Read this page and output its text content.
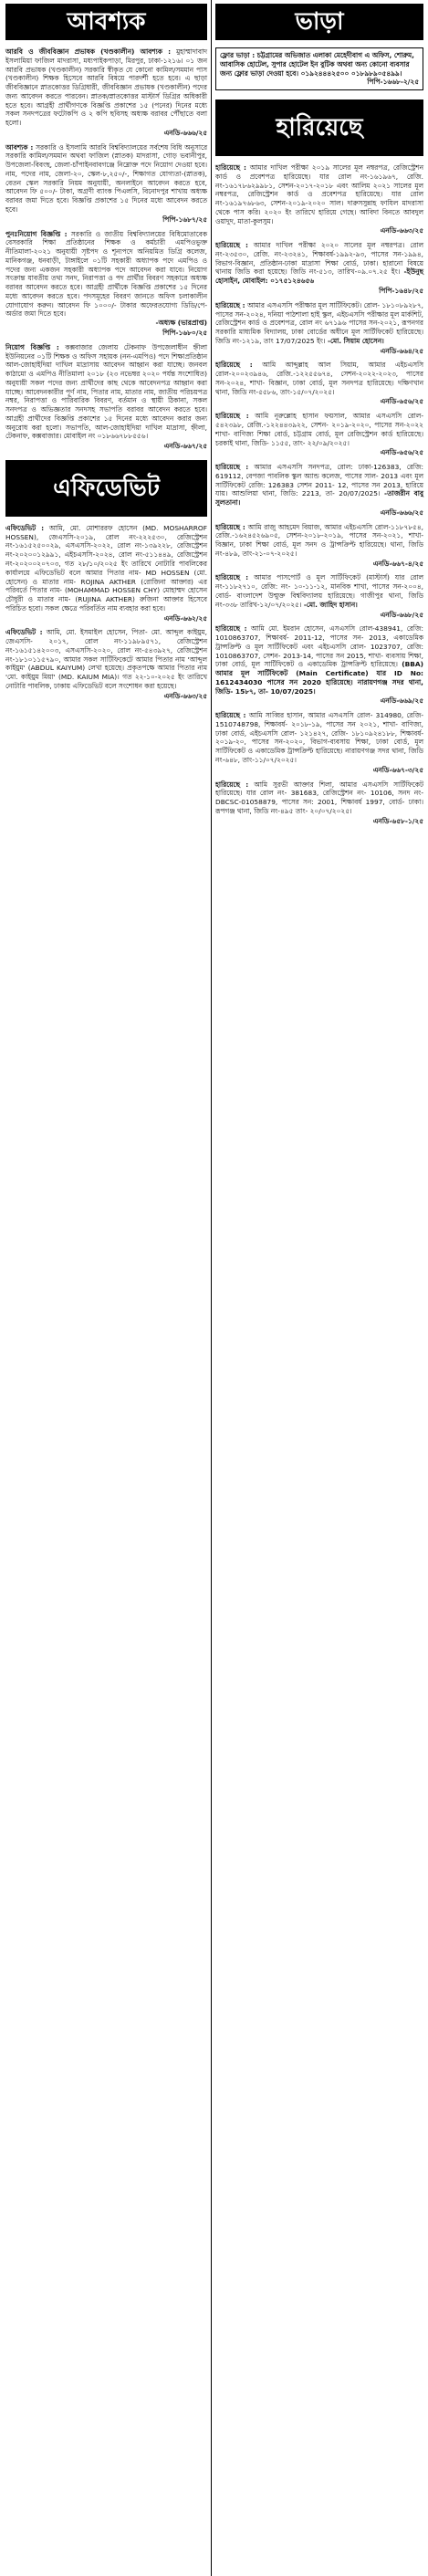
আবশ্যক

আরবি ও জীববিজ্ঞান প্রভাষক (খণ্ডকালীন) আবশ্যক : মুহাম্মাদাবাদ ইসলামিয়া ফাজিল মাদরাসা, মধ্যপাইকপাড়া, মিরপুর, ঢাকা-১২১৬। ০১ জন আরবি প্রভাষক (খণ্ডকালীন) সরকারি স্বীকৃত যে কোনো কামিল/সমমান পাস (খণ্ডকালীন) শিক্ষক হিসেবে আরবি বিষয়ে পারদর্শী হতে হবে। এ ছাড়া জীববিজ্ঞানে স্নাতকোত্তর ডিগ্রিধারী, জীববিজ্ঞান প্রভাষক (খণ্ডকালীন) পদের জন্য আবেদন করতে পারবেন। স্নাতক/স্নাতকোত্তর মাস্টার্স ডিগ্রির অধিকারী হতে হবে। আগ্রহী প্রার্থীগণকে বিজ্ঞপ্তি প্রকাশের ১৫ (পনের) দিনের মধ্যে সকল সনদপত্রের ফটোকপি ও ২ কপি ছবিসহ অধ্যক্ষ বরাবর পৌঁছাতে বলা হলো।

এনডি-৬৬৬/২৫

আবশ্যক : সরকারি ও ইসলামি আরবি বিশ্ববিদ্যালয়ের সর্বশেষ বিধি অনুসারে সরকারি কামিল/সমমান অথবা ফাজিল (স্নাতক) মাদরাসা, গোড় ভবানীপুর, উপজেলা-বিবংছ, জেলা-চাঁপাইনবাবগঞ্জে নিম্নোক্ত পদে নিয়োগ দেওয়া হবে। নাম, পদের নাম, জেলা-২০, স্কেল-৮,২৫০/-, শিক্ষাগত যোগ্যতা-(স্নাতক), বেতন স্কেল সরকারি নিয়ম অনুযায়ী, অনলাইনে আবেদন করতে হবে, আবেদন ফি ৫০০/- টাকা, অগ্রণী ব্যাংক পিএলসি, বিনোদপুর শাখায় অধ্যক্ষ বরাবর জমা দিতে হবে। বিজ্ঞপ্তি প্রকাশের ১৫ দিনের মধ্যে আবেদন করতে হবে।

পিপি-১৬৮৭/২৫

পুনঃনিয়োগ বিজ্ঞপ্তি : সরকারি ও জাতীয় বিশ্ববিদ্যালয়ের বিধিমোতাবেক বেসরকারি শিক্ষা প্রতিষ্ঠানের শিক্ষক ও কর্মচারী এমপিওভুক্ত নীতিমালা-২০২১ অনুযায়ী সৃষ্টপদ ও শূন্যপদে অনিয়মিত ডিগ্রি কলেজ, মানিকগঞ্জ, ধনবাড়ী, টাঙ্গাইলে ০১টি সহকারী অধ্যাপক পদে এমপিও ও পদের জন্য একজন সহকারী অধ্যাপক পদে আবেদন করা যাবে। নিয়োগ সংক্রান্ত যাবতীয় তথ্য সনদ, নিরাপত্তা ও পদ প্রার্থীর বিবরণ সহকারে অধ্যক্ষ বরাবর আবেদন করতে হবে। আগ্রহী প্রার্থীকে বিজ্ঞপ্তি প্রকাশের ১৫ দিনের মধ্যে আবেদন করতে হবে। পদসমূহের বিবরণ জানতে অফিস চলাকালীন যোগাযোগ করুন। আবেদন ফি ১০০০/- টাকার অফেরতযোগ্য ডিডি/পে-অর্ডার জমা দিতে হবে।

-অধ্যক্ষ (ভারপ্রাপ্ত)
পিপি-১৬৮০/২৫

নিয়োগ বিজ্ঞপ্তি : কক্সবাজার জেলায় টেকনাফ উপজেলাধীন হ্নীলা ইউনিয়নের ০১টি শিক্ষক ও অফিস সহায়ক (নন-এমপিও) পদে শিক্ষাপ্রতিষ্ঠান আল-জোহাইদিয়া দাখিল মাদ্রাসায় আবেদন আহ্বান করা যাচ্ছে। জনবল কাঠামো ও এমপিও নীতিমালা ২০১৮ (২৩ নভেম্বর ২০২০ পর্যন্ত সংশোধিত) অনুযায়ী সকল পদের জন্য প্রার্থীদের কাছ থেকে আবেদনপত্র আহ্বান করা যাচ্ছে। আবেদনকারীর পূর্ণ নাম, পিতার নাম, মাতার নাম, জাতীয় পরিচয়পত্র নম্বর, নিরাপত্তা ও পারিবারিক বিবরণ, বর্তমান ও স্থায়ী ঠিকানা, সকল সনদপত্র ও অভিজ্ঞতার সনদসহ সভাপতি বরাবর আবেদন করতে হবে। আগ্রহী প্রার্থীদের বিজ্ঞপ্তি প্রকাশের ১৫ দিনের মধ্যে আবেদন করার জন্য অনুরোধ করা হলো। সভাপতি, আল-জোহাইদিয়া দাখিল মাদ্রাসা, হ্নীলা, টেকনাফ, কক্সবাজার। মোবাইল নং ০১৮৬৬৭৮৮৫৫৬।

এনডি-৬৬৭/২৫
এফিডেভিট

এফিডেভিট : আমি, মো. মোশাররফ হোসেন (MD. MOSHARROF HOSSEN), জেএসসি-২০১৯, রোল নং-২২২৫৩০, রেজিস্ট্রেশন নং-১৬১৫২৫০০২৯, এসএসসি-২০২২, রোল নং-১৩৯২২৮, রেজিস্ট্রেশন নং-২০২০০১২৯৯১, এইচএসসি-২০২৪, রোল নং-৫১১৪৪৯, রেজিস্ট্রেশন নং-২০২০০২০৭০৩, গত ২৮/১০/২০২৫ ইং তারিখে নোটারি পাবলিকের কার্যালয়ে এফিডেভিট বলে আমার পিতার নাম- MD HOSSEN (মো. হোসেন) ও মাতার নাম- ROJINA AKTHER (রোজিনা আক্তার) এর পরিবর্তে পিতার নাম- (MOHAMMAD HOSSEN CHY) মোহাম্মদ হোসেন চৌধুরী ও মাতার নাম- (RUJINA AKTHER) রুজিনা আক্তার হিসেবে পরিচিত হবো। সকল ক্ষেত্রে পরিবর্তিত নাম ব্যবহার করা হবে।

এনডি-৬৬২/২৫

এফিডেভিট : আমি, মো. ইসমাইল হোসেন, পিতা- মো. আব্দুল কাইয়ুম, জেএসসি- ২০১৭, রোল নং-১১৯৮৯৫৭১, রেজিস্ট্রেশন নং-১৬১৫১৪২০০৩, এসএসসি-২০২০, রোল নং-৫৪৩৯২৭, রেজিস্ট্রেশন নং-১৮১০১১৫৭৯০, আমার সকল সার্টিফিকেটে আমার পিতার নাম 'আব্দুল কাইয়ুম' (ABDUL KAIYUM) লেখা হয়েছে। প্রকৃতপক্ষে আমার পিতার নাম 'মো. কাইয়ুম মিয়া' (MD. KAIUM MIA)। গত ২২-১০-২০২৫ ইং তারিখে নোটারি পাবলিক, ঢাকায় এফিডেভিট বলে সংশোধন করা হয়েছে।

এনডি-৬৬৩/২৫
ভাড়া
ফ্লোর ভাড়া : চট্টগ্রামের অভিজাত এলাকা মেহেদীবাগ এ অফিস, শোরুম, আবাসিক হোটেল, সুপার হোটেল ইন বুটিক অথবা অন্য কোনো ব্যবসার জন্য ফ্লোর ভাড়া দেওয়া হবে। ০১৯২৪৪৪২৫০০ ০১৮৯৮৯০৫৪৯৯।
পিপি-১৬৬৮-২/২৫
হারিয়েছে

হারিয়েছে : আমার দাখিল পরীক্ষা ২০১৯ সালের মূল নম্বরপত্র, রেজিস্ট্রেশন কার্ড ও প্রবেশপত্র হারিয়েছে। যার রোল নং-১৬১৯৬৭, রেজি. নং-১৬১৭৮৬২৯৯৮১, সেশন-২০১৭-২০১৮ এবং আলিম ২০২১ সালের মূল নম্বরপত্র, রেজিস্ট্রেশন কার্ড ও প্রবেশপত্র হারিয়েছে। যার রোল নং-১৬১৯৭৬৮৬৩, সেশন-২০১৯-২০২০ সাল। দারুসসুন্নাহ ফাযিল মাদরাসা থেকে পাস করি। ২০২০ ইং তারিখে হারিয়ে গেছে। আবিদা বিনতে আবদুল ওয়াদুদ, মাতা-কুলসুম।

এনডি-৬৬৩/২৫

হারিয়েছে : আমার দাখিল পরীক্ষা ২০২০ সালের মূল নম্বরপত্র। রোল নং-২৩৫৩০, রেজি. নং-২৩২৪১, শিক্ষাবর্ষ-১৯৯২-৯৩, পাসের সন-১৯৯৪, বিভাগ-বিজ্ঞান, প্রতিষ্ঠান-ঢাকা মাদ্রাসা শিক্ষা বোর্ড, ঢাকা। হারানো বিষয়ে থানায় জিডি করা হয়েছে। জিডি নং-৫১৩, তারিখ-০৯.০৭.২৫ ইং। -ইউনুছ হোসাইন, মোবাইল: ০১৭৫১২৪৬৫৬

পিপি-১৬৪৮/২৫

হারিয়েছে : আমার এসএসসি পরীক্ষার মূল সার্টিফিকেট। রোল- ১৮১০৮৯২৮৭, পাসের সন-২০২৪, দনিয়া পাঠশালা হাই স্কুল, এইচএসসি পরীক্ষার মূল মার্কশিট, রেজিস্ট্রেশন কার্ড ও প্রবেশপত্র, রোল নং ৬৭১৯৬ পাসের সন-২০২১, রূপনগর সরকারি মাধ্যমিক বিদ্যালয়, ঢাকা বোর্ডের অধীনে মূল সার্টিফিকেট হারিয়েছে। জিডি নং-১২১৯, তাং 17/07/2025 ইং। -মো. সিয়াম হোসেন।

এনডি-৬৬৪/২৫

হারিয়েছে : আমি আব্দুল্লাহ আল সিয়াম, আমার এইচএসসি রোল-২০০২৩৯৪৬, রেজি.-১২২৫৫৬৭৪, সেশন-২০২২-২০২৩, পাসের সন-২০২৪, শাখা- বিজ্ঞান, ঢাকা বোর্ড, মূল সনদপত্র হারিয়েছে। দক্ষিণখান থানা, জিডি নং-৫৫৮৬, তাং-১৫/০৭/২০২৫।

এনডি-৬৫৬/২৫

হারিয়েছে : আমি নূরুল্লোহ হাসান ফয়সাল, আমার এসএসসি রোল- ৫৪২৩৯৮, রেজি.-১২২৪৪৩৯২২, সেশন- ২০১৯-২০২০, পাসের সন-২০২২ শাখা- বাণিজ্য শিক্ষা বোর্ড, চট্টগ্রাম বোর্ড, মূল রেজিস্ট্রেশন কার্ড হারিয়েছে। চরকাই থানা, জিডি- ১১৫৫, তাং- ২২/০৯/২০২৫।

এনডি-৬৫৬/২৫

হারিয়েছে : আমার এসএসসি সনদপত্র, রোল: ঢাকা-126383, রেজি: 619112, বেপজা পাবলিক স্কুল অ্যান্ড কলেজ, পাসের সাল- 2013 এবং মূল সার্টিফিকেট রেজি: 126383 সেশন 2011- 12, পাসের সন 2013, হারিয়ে যায়। আশুলিয়া থানা, জিডি: 2213, তা- 20/07/2025। -তাজরীন বাবু সুলতানা।

এনডি-৬৬৬/২৫

হারিয়েছে : আমি রাজু আহমেদ বিয়াজ, আমার এইচএসসি রোল-১১৮৭৮৫৪, রেজি.-১৬২৪৫২৬৯০৫, সেশন-২০১৮-২০১৯, পাসের সন-২০২১, শাখা-বিজ্ঞান, ঢাকা শিক্ষা বোর্ড, মূল সনদ ও ট্রান্সক্রিপ্ট হারিয়েছে। থানা, জিডি নং-৪৮৯, তাং-২১-০৭-২০২৫।

এনডি-৬৬৭-৪/২৫

হারিয়েছে : আমার পাসপোর্ট ও মূল সার্টিফিকেট (মাস্টার্স) যার রোল নং-১১৮২৭১০, রেজি: নং- ১০-১১-১২, মানবিক শাখা, পাসের সন-২০০৪, বোর্ড- বাংলাদেশ উন্মুক্ত বিশ্ববিদ্যালয় হারিয়েছে। গাজীপুর থানা, জিডি নং-৩৩৮ তারিখ-১২/০৭/২০২৫। -মো. জাহিদ হাসান।

এনডি-৬৬৮/২৫

হারিয়েছে : আমি মো. ইমরান হোসেন, এসএসসি রোল-438941, রেজি: 1010863707, শিক্ষাবর্ষ- 2011-12, পাসের সন- 2013, একাডেমিক ট্রান্সক্রিপ্ট ও মূল সার্টিফিকেট এবং এইচএসসি রোল- 1023707, রেজি: 1010863707, সেশন- 2013-14, পাসের সন 2015, শাখা- ব্যবসায় শিক্ষা, ঢাকা বোর্ড, মূল সার্টিফিকেট ও একাডেমিক ট্রান্সক্রিপ্ট হারিয়েছে। (BBA) আমার মূল সার্টিফিকেট (Main Certificate) যার ID No: 1612434030 পাসের সন 2020 হারিয়েছে। নারায়ণগঞ্জ সদর থানা, জিডি- 15৮৭, তা- 10/07/2025।

এনডি-৬৬৯/২৫

হারিয়েছে : আমি সাব্বির হাসান, আমার এসএসসি রোল- 314980, রেজি- 1510748798, শিক্ষাবর্ষ- ২০১৮-১৯, পাসের সন ২০২১, শাখা- বাণিজ্য, ঢাকা বোর্ড, এইচএসসি রোল- ১২১৪২৭, রেজি- ১৮১০৯২৪১৮৮, শিক্ষাবর্ষ- ২০১৯-২০, পাসের সন-২০২০, বিভাগ-ব্যবসায় শিক্ষা, ঢাকা বোর্ড, মূল সার্টিফিকেট ও একাডেমিক ট্রান্সক্রিপ্ট হারিয়েছে। নারায়ণগঞ্জ সদর থানা, জিডি নং-৬৪৮, তাং-১১/০৭/২০২৫।

এনডি-৬৬৭-৩/২৫

হারিয়েছে : আমি সুরভী আক্তার শিলা, আমার এসএসসি সার্টিফিকেট হারিয়েছে। যার রোল নং- 381683, রেজিস্ট্রেশন নং- 10106, সনদ নং- DBCSC-01058879, পাসের সন: 2001, শিক্ষাবর্ষ 1997, বোর্ড- ঢাকা। রূপগঞ্জ থানা, জিডি নং-৪৯৫ তাং- ২০/০৭/২০২৫।

এনডি-৬৫৮-১/২৫
